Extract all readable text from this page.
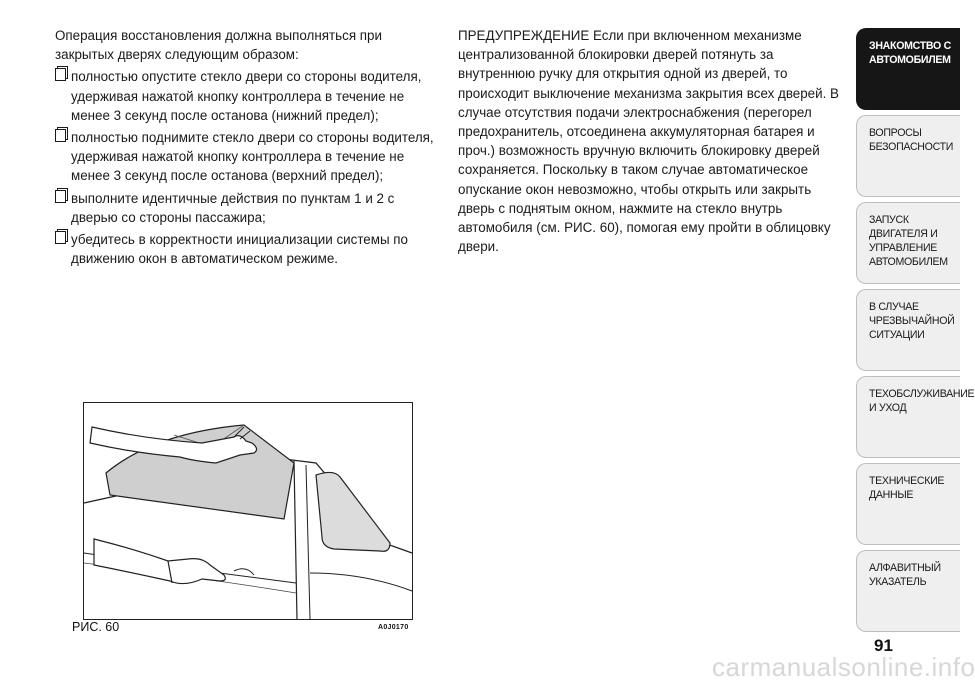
Операция восстановления должна выполняться при закрытых дверях следующим образом:

полностью опустите стекло двери со стороны водителя, удерживая нажатой кнопку контроллера в течение не менее 3 секунд после останова (нижний предел);
полностью поднимите стекло двери со стороны водителя, удерживая нажатой кнопку контроллера в течение не менее 3 секунд после останова (верхний предел);
выполните идентичные действия по пунктам 1 и 2 с дверью со стороны пассажира;
убедитесь в корректности инициализации системы по движению окон в автоматическом режиме.

ПРЕДУПРЕЖДЕНИЕ Если при включенном механизме централизованной блокировки дверей потянуть за внутреннюю ручку для открытия одной из дверей, то происходит выключение механизма закрытия всех дверей. В случае отсутствия подачи электроснабжения (перегорел предохранитель, отсоединена аккумуляторная батарея и проч.) возможность вручную включить блокировку дверей сохраняется. Поскольку в таком случае автоматическое опускание окон невозможно, чтобы открыть или закрыть дверь с поднятым окном, нажмите на стекло внутрь автомобиля (см. РИС. 60), помогая ему пройти в облицовку двери.

РИС. 60	A0J0170
ЗНАКОМСТВО С
АВТОМОБИЛЕМ
ВОПРОСЫ
БЕЗОПАСНОСТИ
ЗАПУСК ДВИГАТЕЛЯ И
УПРАВЛЕНИЕ
АВТОМОБИЛЕМ
В СЛУЧАЕ
ЧРЕЗВЫЧАЙНОЙ
СИТУАЦИИ
ТЕХОБСЛУЖИВАНИЕ
И УХОД
ТЕХНИЧЕСКИЕ
ДАННЫЕ
АЛФАВИТНЫЙ
УКАЗАТЕЛЬ
91
carmanualsonline.info
